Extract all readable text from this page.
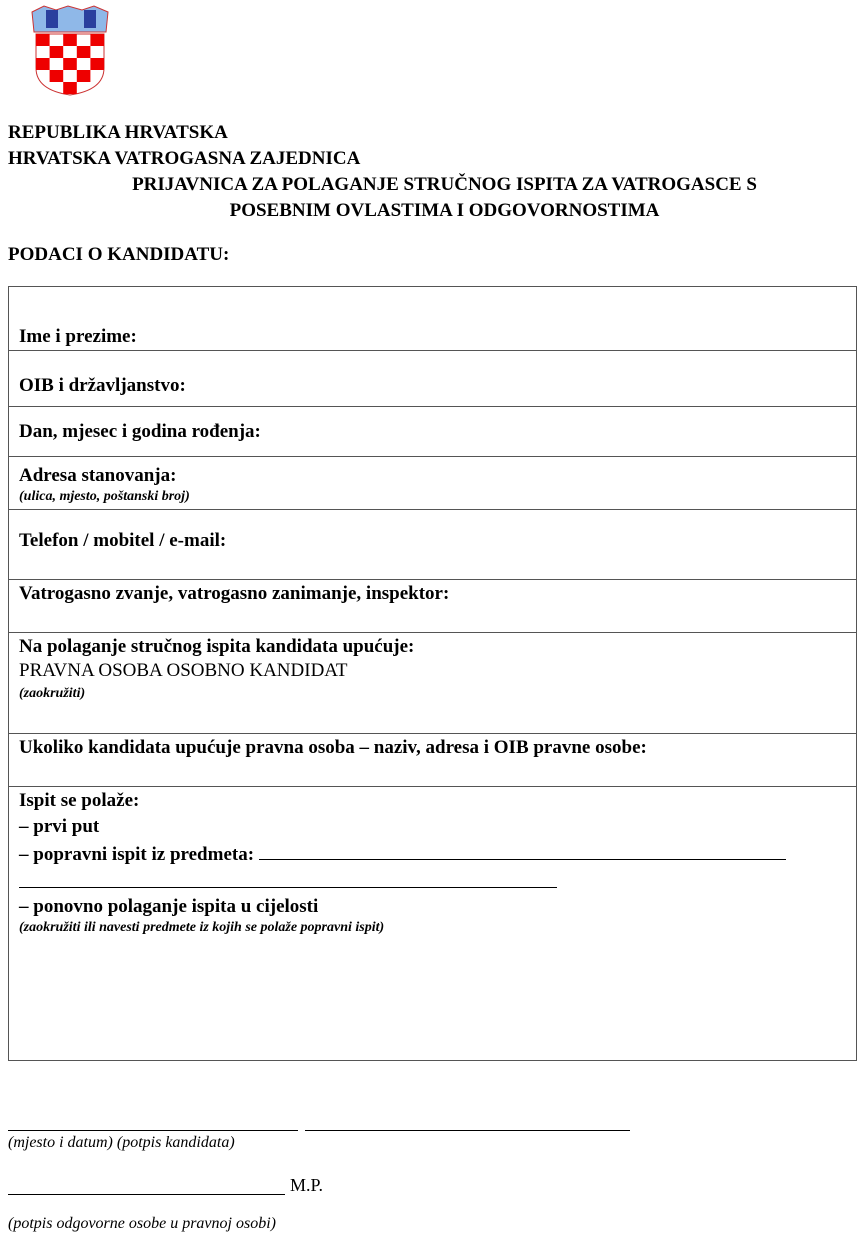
REPUBLIKA HRVATSKA
HRVATSKA VATROGASNA ZAJEDNICA
PRIJAVNICA ZA POLAGANJE STRUČNOG ISPITA ZA VATROGASCE S
POSEBNIM OVLASTIMA I ODGOVORNOSTIMA
PODACI O KANDIDATU:
Ime i prezime:
OIB i državljanstvo:
Dan, mjesec i godina rođenja:
Adresa stanovanja:
(ulica, mjesto, poštanski broj)
Telefon / mobitel / e-mail:
Vatrogasno zvanje, vatrogasno zanimanje, inspektor:
Na polaganje stručnog ispita kandidata upućuje:
PRAVNA OSOBA OSOBNO KANDIDAT
(zaokružiti)
Ukoliko kandidata upućuje pravna osoba – naziv, adresa i OIB pravne osobe:
Ispit se polaže:
– prvi put
– popravni ispit iz predmeta:
– ponovno polaganje ispita u cijelosti
(zaokružiti ili navesti predmete iz kojih se polaže popravni ispit)
(mjesto i datum) (potpis kandidata)
M.P.
(potpis odgovorne osobe u pravnoj osobi)
